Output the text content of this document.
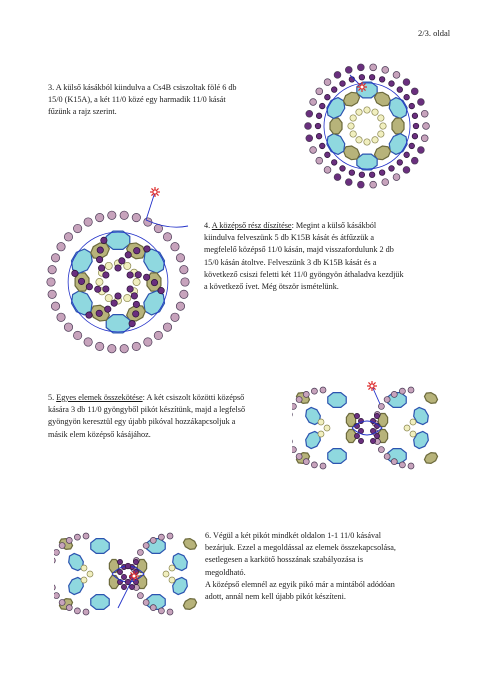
2/3. oldal
3. A külső kásákból kiindulva a Cs4B csiszoltak fölé 6 db
15/0 (K15A), a két 11/0 közé egy harmadik 11/0 kását
fűzünk a rajz szerint.
4. A középső rész díszítése: Megint a külső kásákból
kiindulva felveszünk 5 db K15B kását és átfűzzük a
megfelelő középső 11/0 kásán, majd visszafordulunk 2 db
15/0 kásán átoltve. Felveszünk 3 db K15B kását és a
következő csiszi feletti két 11/0 gyöngyön áthaladva kezdjük
a következő ívet. Még ötször ismételünk.
5. Egyes elemek összekötése: A két csiszolt közötti középső
kására 3 db 11/0 gyöngyből pikót készítünk, majd a legfelső
gyöngyön keresztül egy újabb pikóval hozzákapcsoljuk a
másik elem középső kásájához.
6. Végül a két pikót mindkét oldalon 1-1 11/0 kásával
bezárjuk. Ezzel a megoldással az elemek összekapcsolása,
esetlegesen a karkötő hosszának szabályozása is
megoldható.
A középső elemnél az egyik pikó már a mintából adódóan
adott, annál nem kell újabb pikót készíteni.
